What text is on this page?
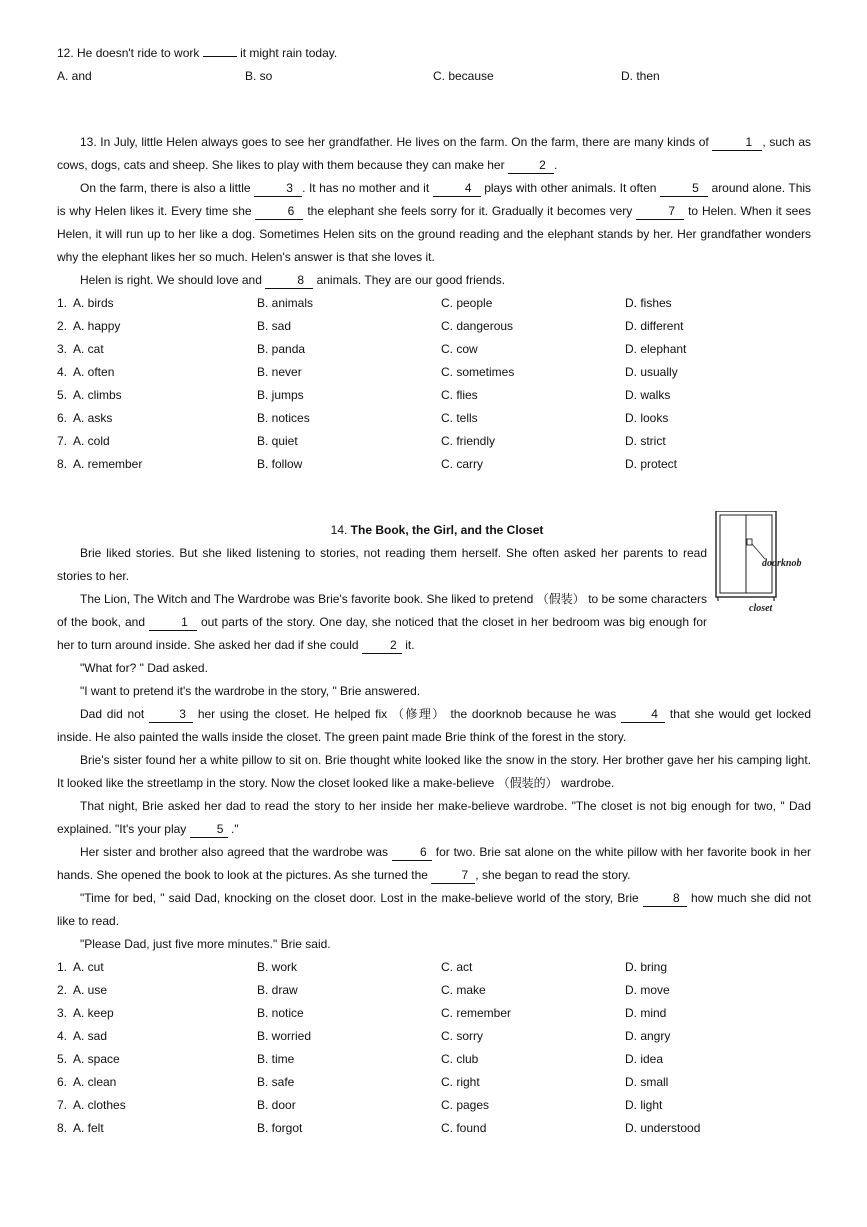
12. He doesn't ride to work	it might rain today.
A. and	B. so	C. because	D. then

13. In July, little Helen always goes to see her grandfather. He lives on the farm. On the farm, there are many kinds of	1 , such as cows, dogs, cats and sheep. She likes to play with them because they can make her	2 .

On the farm, there is also a little	3 . It has no mother and it	4 plays with other animals. It often	5 around alone. This is why Helen likes it. Every time she	6 the elephant she feels sorry for it. Gradually it becomes very	7 to Helen. When it sees Helen, it will run up to her like a dog. Sometimes Helen sits on the ground reading and the elephant stands by her. Her grandfather wonders why the elephant likes her so much. Helen's answer is that she loves it.

Helen is right. We should love and	8 animals. They are our good friends.

1. A. birds	B. animals	C. people	D. fishes
2. A. happy	B. sad	C. dangerous	D. different
3. A. cat	B. panda	C. cow	D. elephant
4. A. often	B. never	C. sometimes	D. usually
5. A. climbs	B. jumps	C. flies	D. walks
6. A. asks	B. notices	C. tells	D. looks
7. A. cold	B. quiet	C. friendly	D. strict
8. A. remember	B. follow	C. carry	D. protect
doorknob
closet
14. The Book, the Girl, and the Closet

Brie liked stories. But she liked listening to stories, not reading them herself. She often asked her parents to read stories to her.

The Lion, The Witch and The Wardrobe was Brie's favorite book. She liked to pretend （假装） to be some characters of the book, and	1 out parts of the story. One day, she noticed that the closet in her bedroom was big enough for her to turn around inside. She asked her dad if she could	2 it.

"What for? " Dad asked.

"I want to pretend it's the wardrobe in the story, " Brie answered.

Dad did not	3 her using the closet. He helped fix （修理） the doorknob because he was	4 that she would get locked inside. He also painted the walls inside the closet. The green paint made Brie think of the forest in the story.

Brie's sister found her a white pillow to sit on. Brie thought white looked like the snow in the story. Her brother gave her his camping light. It looked like the streetlamp in the story. Now the closet looked like a make-believe （假装的） wardrobe.

That night, Brie asked her dad to read the story to her inside her make-believe wardrobe. "The closet is not big enough for two, " Dad explained. "It's your play	5 ."

Her sister and brother also agreed that the wardrobe was	6 for two. Brie sat alone on the white pillow with her favorite book in her hands. She opened the book to look at the pictures. As she turned the	7 , she began to read the story.

"Time for bed, " said Dad, knocking on the closet door. Lost in the make-believe world of the story, Brie	8 how much she did not like to read.

"Please Dad, just five more minutes." Brie said.

1. A. cut	B. work	C. act	D. bring
2. A. use	B. draw	C. make	D. move
3. A. keep	B. notice	C. remember	D. mind
4. A. sad	B. worried	C. sorry	D. angry
5. A. space	B. time	C. club	D. idea
6. A. clean	B. safe	C. right	D. small
7. A. clothes	B. door	C. pages	D. light
8. A. felt	B. forgot	C. found	D. understood
